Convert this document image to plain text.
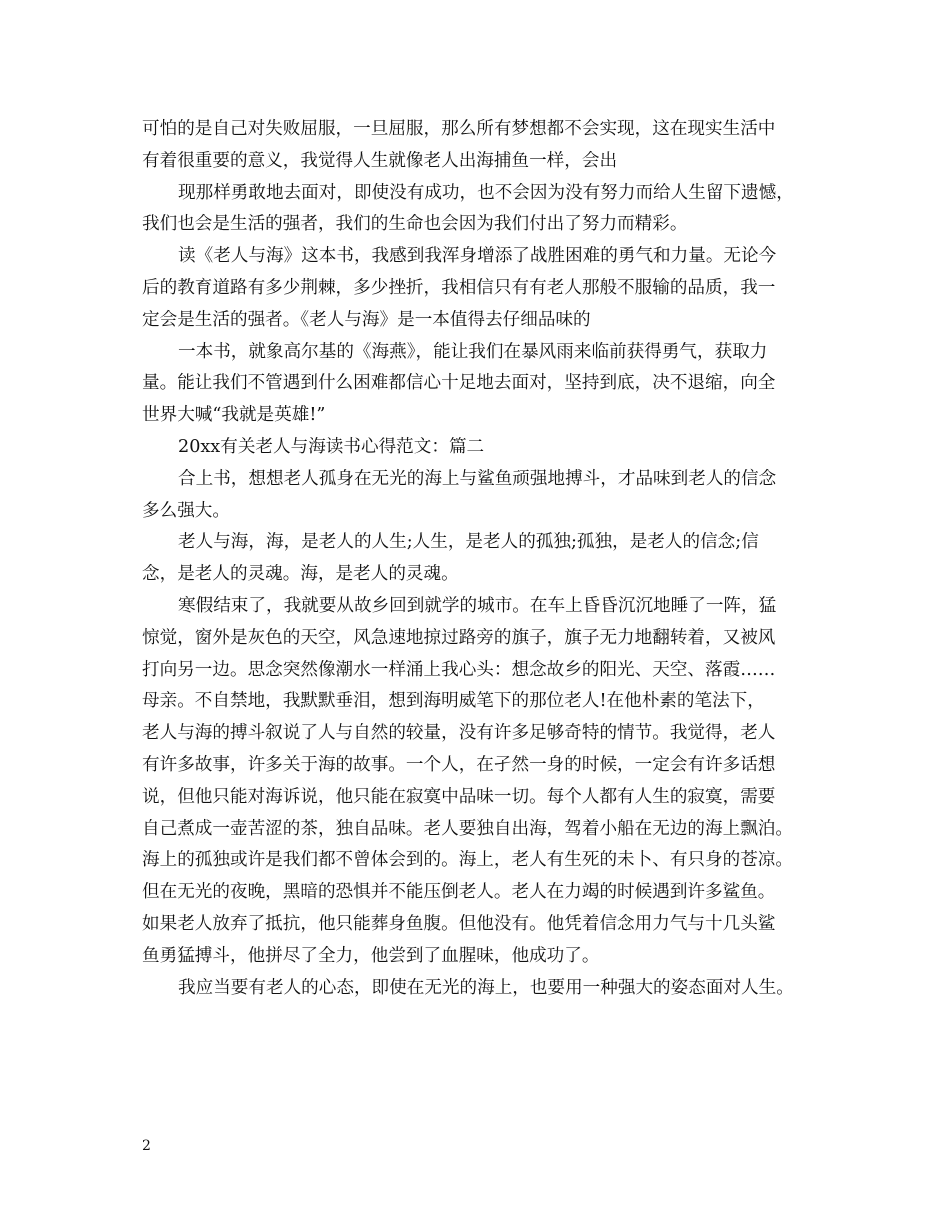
可怕的是自己对失败屈服，一旦屈服，那么所有梦想都不会实现，这在现实生活中
有着很重要的意义，我觉得人生就像老人出海捕鱼一样，会出
现那样勇敢地去面对，即使没有成功，也不会因为没有努力而给人生留下遗憾，
我们也会是生活的强者，我们的生命也会因为我们付出了努力而精彩。
读《老人与海》这本书，我感到我浑身增添了战胜困难的勇气和力量。无论今
后的教育道路有多少荆棘，多少挫折，我相信只有有老人那般不服输的品质，我一
定会是生活的强者。《老人与海》是一本值得去仔细品味的
一本书，就象高尔基的《海燕》，能让我们在暴风雨来临前获得勇气，获取力
量。能让我们不管遇到什么困难都信心十足地去面对，坚持到底，决不退缩，向全
世界大喊“我就是英雄!”
20xx有关老人与海读书心得范文：篇二
合上书，想想老人孤身在无光的海上与鲨鱼顽强地搏斗，才品味到老人的信念
多么强大。
老人与海，海，是老人的人生;人生，是老人的孤独;孤独，是老人的信念;信
念，是老人的灵魂。海，是老人的灵魂。
寒假结束了，我就要从故乡回到就学的城市。在车上昏昏沉沉地睡了一阵，猛
惊觉，窗外是灰色的天空，风急速地掠过路旁的旗子，旗子无力地翻转着，又被风
打向另一边。思念突然像潮水一样涌上我心头：想念故乡的阳光、天空、落霞……
母亲。不自禁地，我默默垂泪，想到海明威笔下的那位老人!在他朴素的笔法下，
老人与海的搏斗叙说了人与自然的较量，没有许多足够奇特的情节。我觉得，老人
有许多故事，许多关于海的故事。一个人，在孑然一身的时候，一定会有许多话想
说，但他只能对海诉说，他只能在寂寞中品味一切。每个人都有人生的寂寞，需要
自己煮成一壶苦涩的茶，独自品味。老人要独自出海，驾着小船在无边的海上飘泊。
海上的孤独或许是我们都不曾体会到的。海上，老人有生死的未卜、有只身的苍凉。
但在无光的夜晚，黑暗的恐惧并不能压倒老人。老人在力竭的时候遇到许多鲨鱼。
如果老人放弃了抵抗，他只能葬身鱼腹。但他没有。他凭着信念用力气与十几头鲨
鱼勇猛搏斗，他拼尽了全力，他尝到了血腥味，他成功了。
我应当要有老人的心态，即使在无光的海上，也要用一种强大的姿态面对人生。
2
